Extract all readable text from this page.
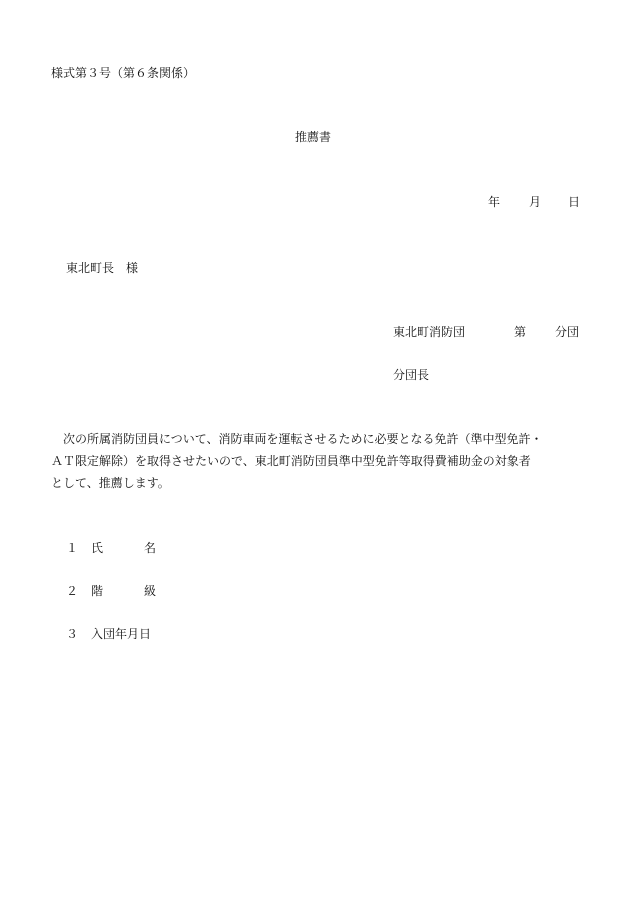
様式第３号（第６条関係）
推薦書
年 月 日
東北町長　様
東北町消防団	第 分団
分団長
次の所属消防団員について、消防車両を運転させるために必要となる免許（準中型免許・
ＡＴ限定解除）を取得させたいので、東北町消防団員準中型免許等取得費補助金の対象者
として、推薦します。
１ 氏	名
２ 階	級
３ 入団年月日
